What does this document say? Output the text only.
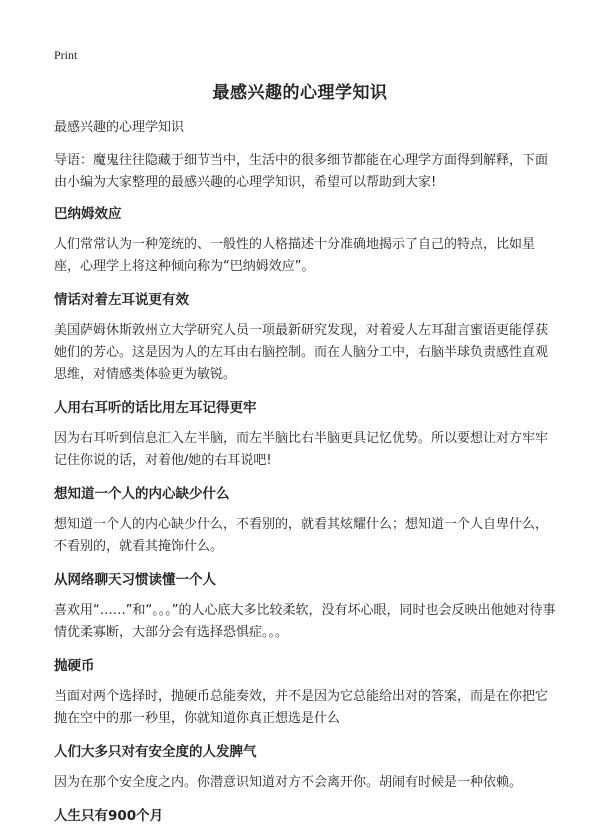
Print
最感兴趣的心理学知识

最感兴趣的心理学知识

导语：魔鬼往往隐藏于细节当中，生活中的很多细节都能在心理学方面得到解释，下面由小编为大家整理的最感兴趣的心理学知识，希望可以帮助到大家!

巴纳姆效应

人们常常认为一种笼统的、一般性的人格描述十分准确地揭示了自己的特点，比如星座，心理学上将这种倾向称为“巴纳姆效应”。

情话对着左耳说更有效

美国萨姆休斯敦州立大学研究人员一项最新研究发现，对着爱人左耳甜言蜜语更能俘获她们的芳心。这是因为人的左耳由右脑控制。而在人脑分工中，右脑半球负责感性直观思维，对情感类体验更为敏锐。

人用右耳听的话比用左耳记得更牢

因为右耳听到信息汇入左半脑，而左半脑比右半脑更具记忆优势。所以要想让对方牢牢记住你说的话，对着他/她的右耳说吧!

想知道一个人的内心缺少什么

想知道一个人的内心缺少什么，不看别的，就看其炫耀什么；想知道一个人自卑什么，不看别的，就看其掩饰什么。

从网络聊天习惯读懂一个人

喜欢用“……”和“。。。”的人心底大多比较柔软，没有坏心眼，同时也会反映出他她对待事情优柔寡断，大部分会有选择恐惧症。。。

抛硬币

当面对两个选择时，抛硬币总能奏效，并不是因为它总能给出对的答案，而是在你把它抛在空中的那一秒里，你就知道你真正想选是什么

人们大多只对有安全度的人发脾气

因为在那个安全度之内。你潜意识知道对方不会离开你。胡闹有时候是一种依赖。

人生只有900个月
